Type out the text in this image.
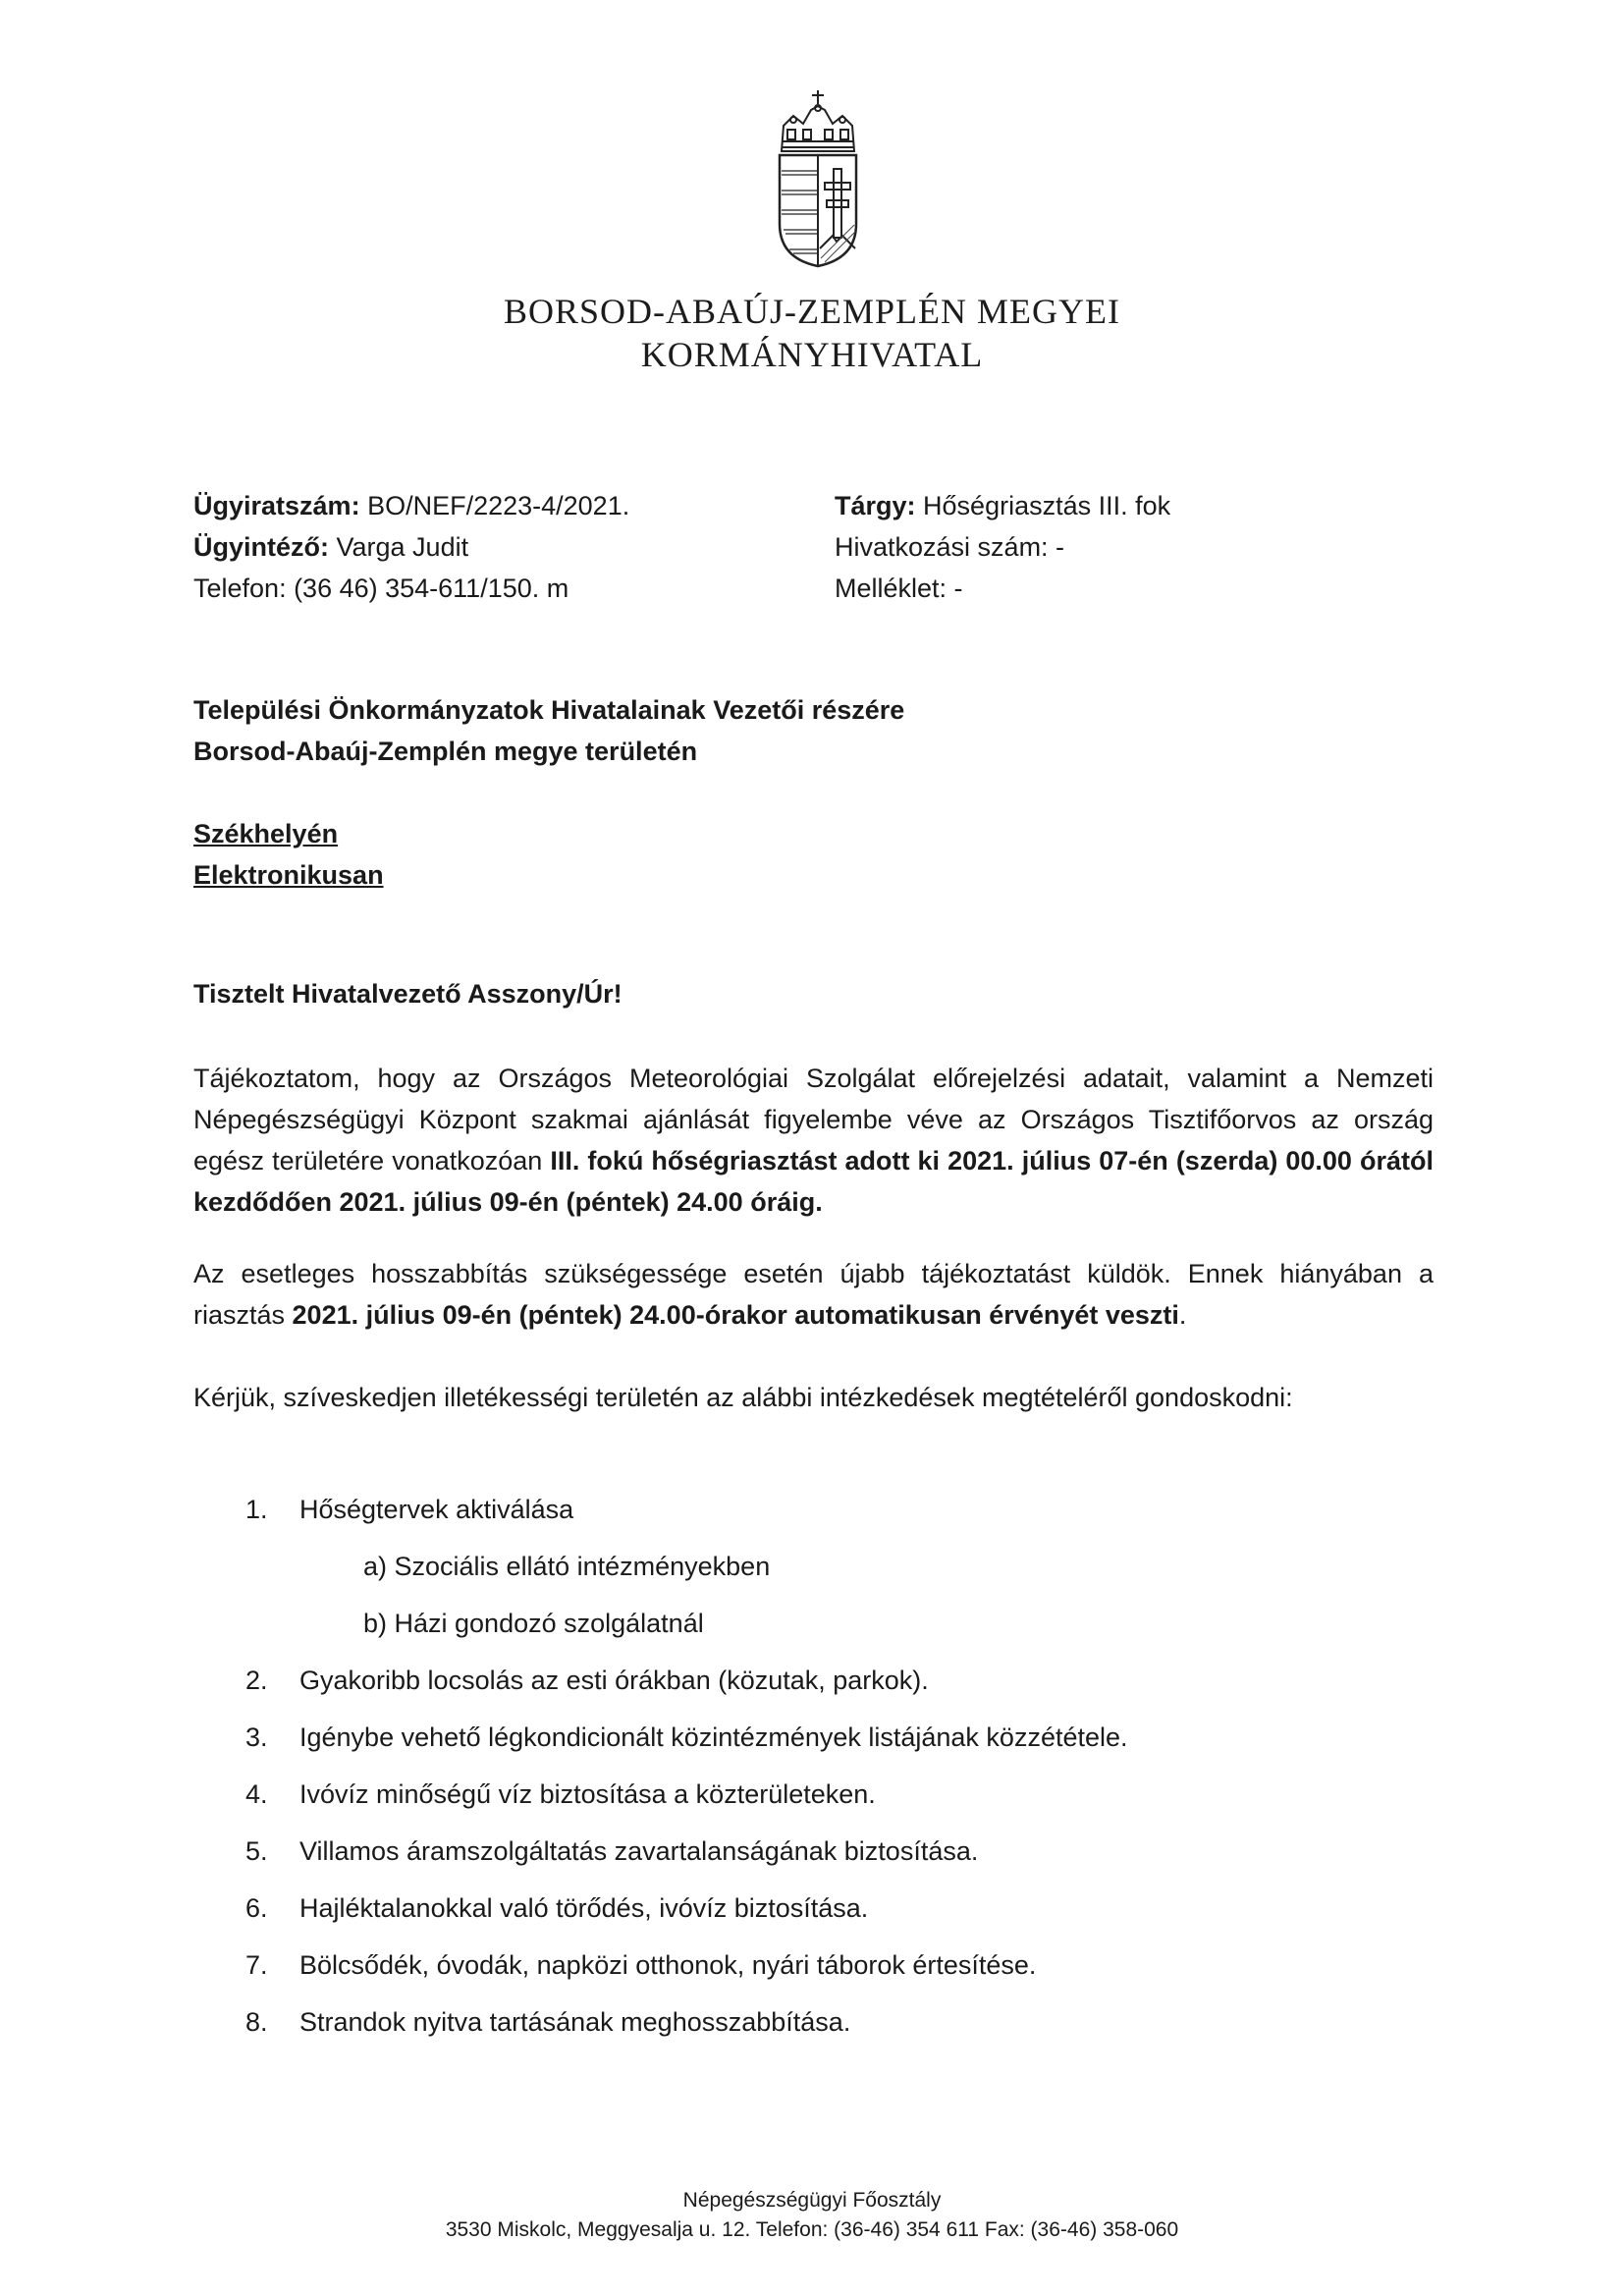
BORSOD-ABAÚJ-ZEMPLÉN MEGYEI
KORMÁNYHIVATAL
Ügyiratszám: BO/NEF/2223-4/2021.
Ügyintéző: Varga Judit
Telefon: (36 46) 354-611/150. m
Tárgy: Hőségriasztás III. fok
Hivatkozási szám: -
Melléklet: -
Települési Önkormányzatok Hivatalainak Vezetői részére
Borsod-Abaúj-Zemplén megye területén
Székhelyén
Elektronikusan
Tisztelt Hivatalvezető Asszony/Úr!
Tájékoztatom, hogy az Országos Meteorológiai Szolgálat előrejelzési adatait, valamint a Nemzeti Népegészségügyi Központ szakmai ajánlását figyelembe véve az Országos Tisztifőorvos az ország egész területére vonatkozóan III. fokú hőségriasztást adott ki 2021. július 07-én (szerda) 00.00 órától kezdődően 2021. július 09-én (péntek) 24.00 óráig.
Az esetleges hosszabbítás szükségessége esetén újabb tájékoztatást küldök. Ennek hiányában a riasztás 2021. július 09-én (péntek) 24.00-órakor automatikusan érvényét veszti.
Kérjük, szíveskedjen illetékességi területén az alábbi intézkedések megtételéről gondoskodni:
1. Hőségtervek aktiválása
a) Szociális ellátó intézményekben
b) Házi gondozó szolgálatnál
2. Gyakoribb locsolás az esti órákban (közutak, parkok).
3. Igénybe vehető légkondicionált közintézmények listájának közzététele.
4. Ivóvíz minőségű víz biztosítása a közterületeken.
5. Villamos áramszolgáltatás zavartalanságának biztosítása.
6. Hajléktalanokkal való törődés, ivóvíz biztosítása.
7. Bölcsődék, óvodák, napközi otthonok, nyári táborok értesítése.
8. Strandok nyitva tartásának meghosszabbítása.
Népegészségügyi Főosztály
3530 Miskolc, Meggyesalja u. 12. Telefon: (36-46) 354 611 Fax: (36-46) 358-060
